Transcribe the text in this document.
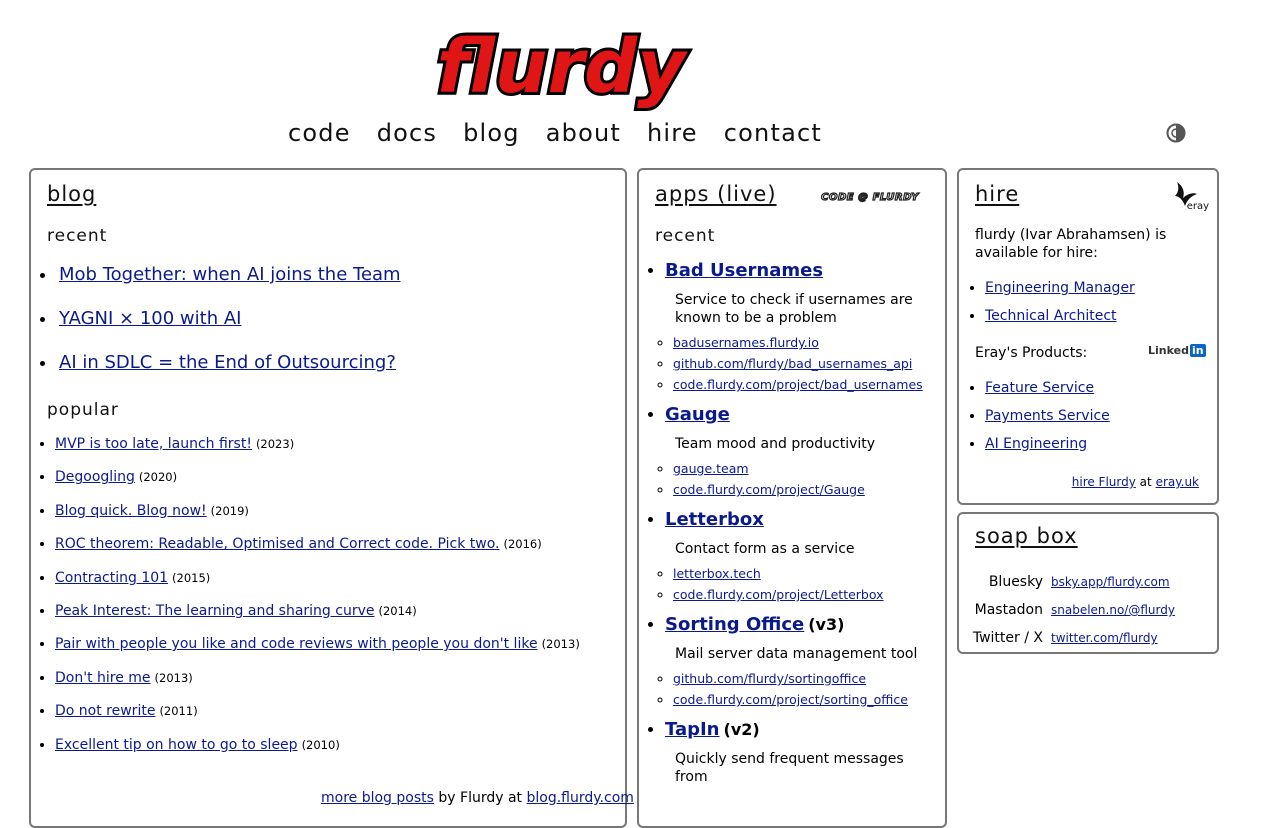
flurdy
code docs blog about hire contact
blog
recent
• Mob Together: when AI joins the Team
• YAGNI × 100 with AI
• AI in SDLC = the End of Outsourcing?
popular
• MVP is too late, launch first! (2023)
• Degoogling (2020)
• Blog quick. Blog now! (2019)
• ROC theorem: Readable, Optimised and Correct code. Pick two. (2016)
• Contracting 101 (2015)
• Peak Interest: The learning and sharing curve (2014)
• Pair with people you like and code reviews with people you don't like (2013)
• Don't hire me (2013)
• Do not rewrite (2011)
• Excellent tip on how to go to sleep (2010)
more blog posts by Flurdy at blog.flurdy.com
apps (live)	CODE @ FLURDY
recent
• Bad Usernames
Service to check if usernames are known to be a problem
◦ badusernames.flurdy.io
◦ github.com/flurdy/bad_usernames_api
◦ code.flurdy.com/project/bad_usernames
• Gauge
Team mood and productivity
◦ gauge.team
◦ code.flurdy.com/project/Gauge
• Letterbox
Contact form as a service
◦ letterbox.tech
◦ code.flurdy.com/project/Letterbox
• Sorting Office (v3)
Mail server data management tool
◦ github.com/flurdy/sortingoffice
◦ code.flurdy.com/project/sorting_office
• TapIn (v2)
Quickly send frequent messages from
hire
eray
flurdy (Ivar Abrahamsen) is available for hire:
• Engineering Manager
• Technical Architect
Eray's Products:	Linked in
• Feature Service
• Payments Service
• AI Engineering
hire Flurdy at eray.uk
soap box
Bluesky bsky.app/flurdy.com
Mastadon snabelen.no/@flurdy
Twitter / X twitter.com/flurdy
